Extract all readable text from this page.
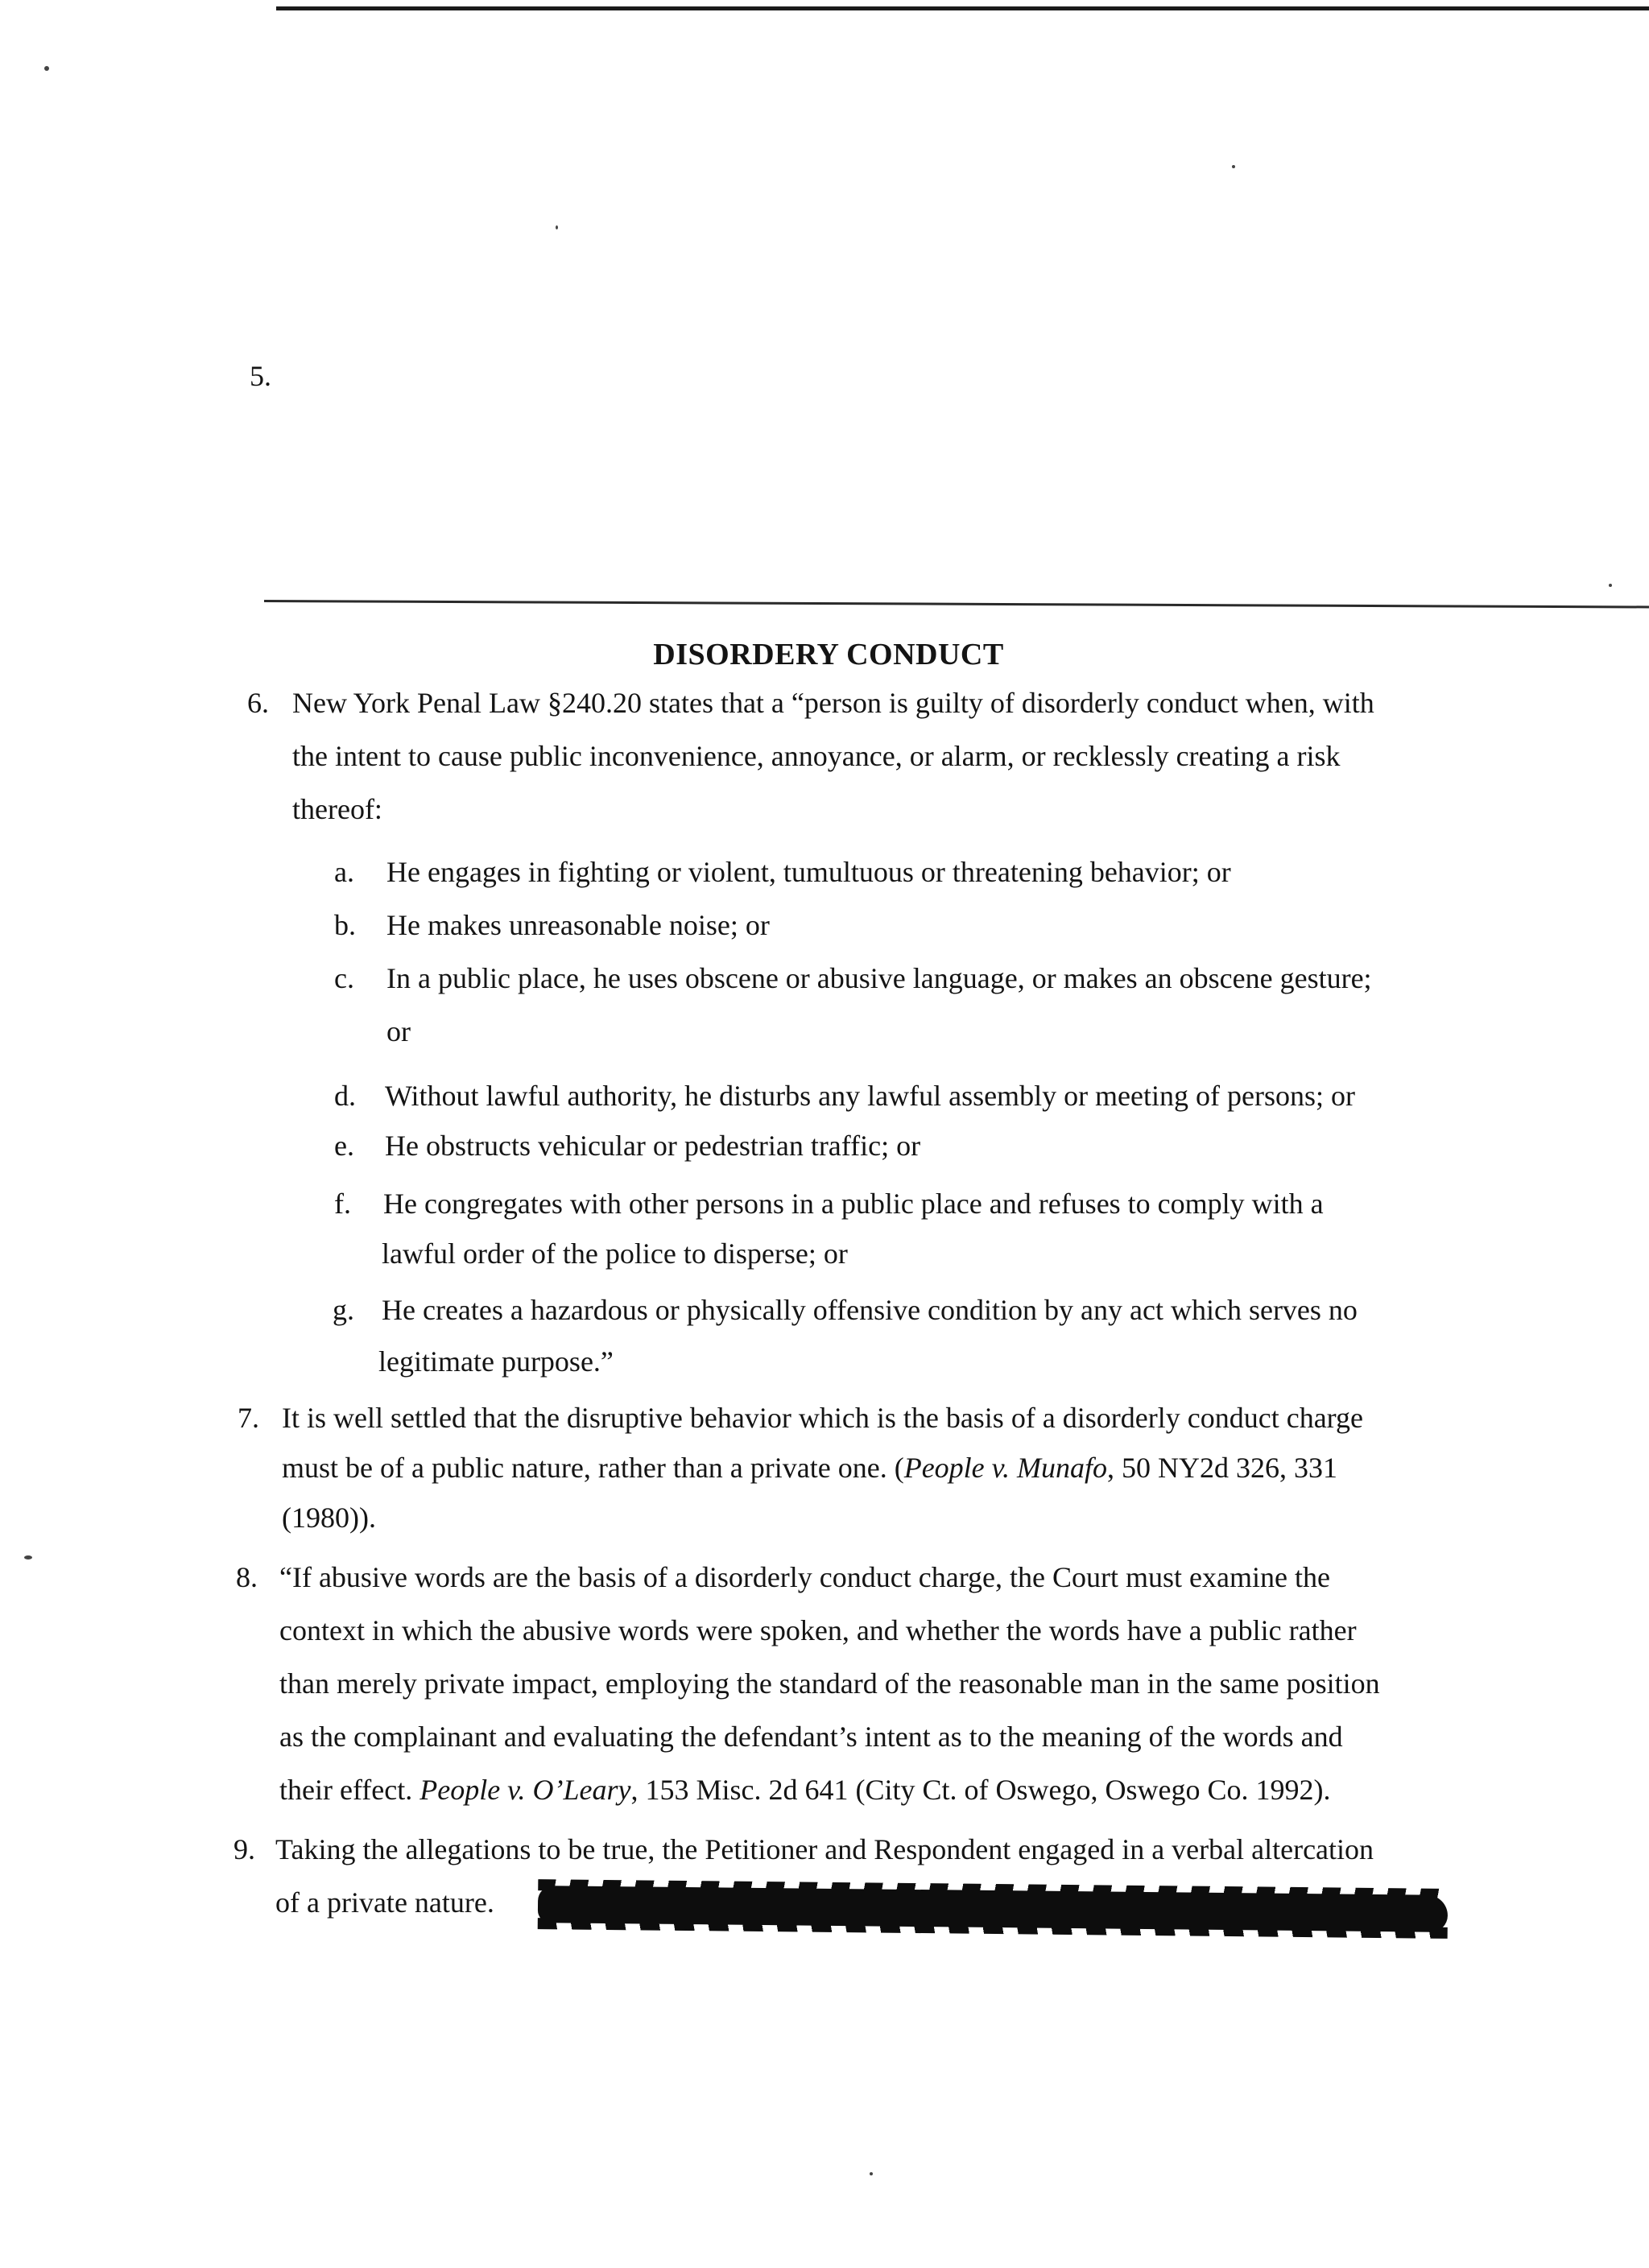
5.
DISORDERY CONDUCT
6. New York Penal Law §240.20 states that a “person is guilty of disorderly conduct when, with
the intent to cause public inconvenience, annoyance, or alarm, or recklessly creating a risk
thereof:
a. He engages in fighting or violent, tumultuous or threatening behavior; or
b. He makes unreasonable noise; or
c. In a public place, he uses obscene or abusive language, or makes an obscene gesture;
or
d. Without lawful authority, he disturbs any lawful assembly or meeting of persons; or
e. He obstructs vehicular or pedestrian traffic; or
f. He congregates with other persons in a public place and refuses to comply with a
lawful order of the police to disperse; or
g. He creates a hazardous or physically offensive condition by any act which serves no
legitimate purpose.”
7. It is well settled that the disruptive behavior which is the basis of a disorderly conduct charge
must be of a public nature, rather than a private one. (People v. Munafo, 50 NY2d 326, 331
(1980)).
8. “If abusive words are the basis of a disorderly conduct charge, the Court must examine the
context in which the abusive words were spoken, and whether the words have a public rather
than merely private impact, employing the standard of the reasonable man in the same position
as the complainant and evaluating the defendant’s intent as to the meaning of the words and
their effect. People v. O’Leary, 153 Misc. 2d 641 (City Ct. of Oswego, Oswego Co. 1992).
9. Taking the allegations to be true, the Petitioner and Respondent engaged in a verbal altercation
of a private nature.
